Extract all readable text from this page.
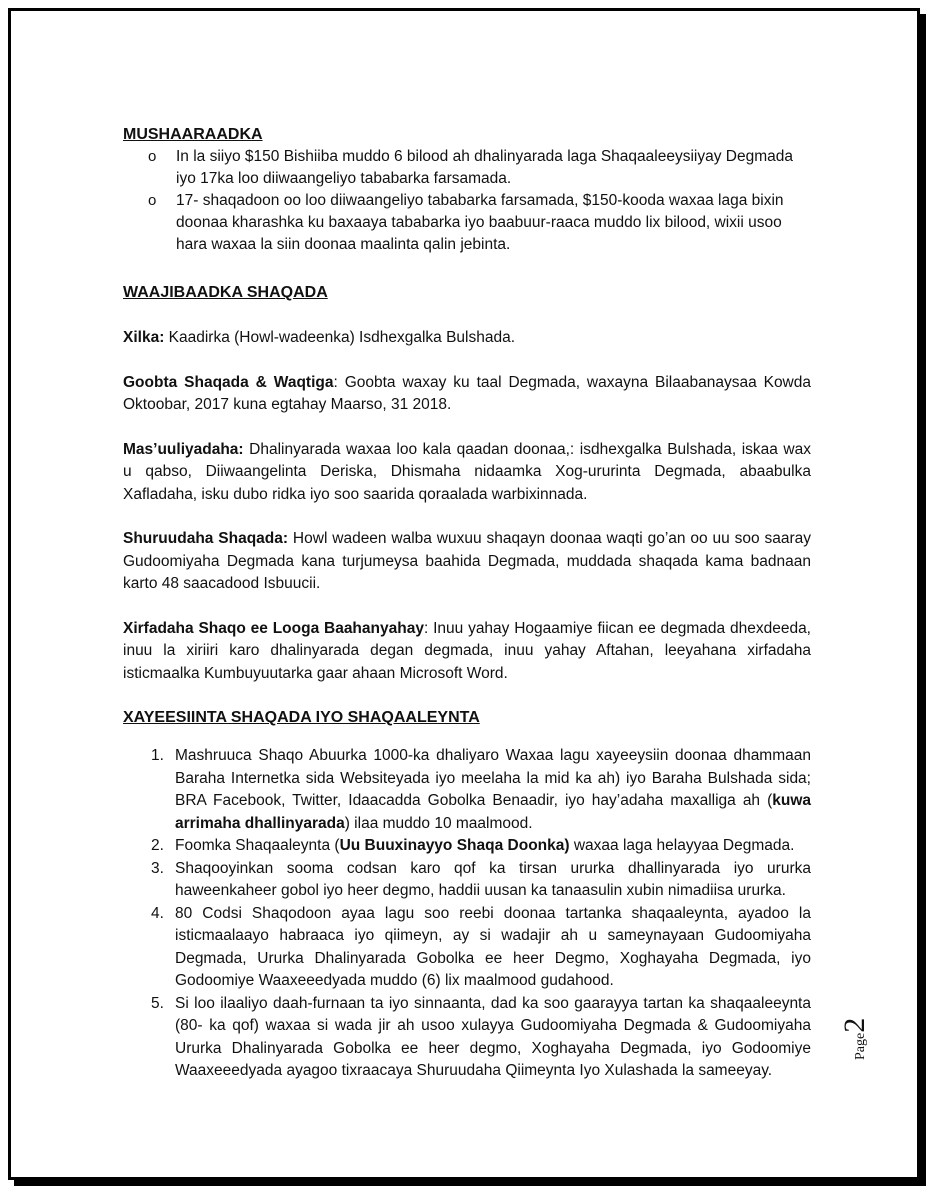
MUSHAARAADKA
o In la siiyo $150 Bishiiba muddo 6 bilood ah dhalinyarada laga Shaqaaleeysiiyay Degmada iyo 17ka loo diiwaangeliyo tababarka farsamada.
o 17- shaqadoon oo loo diiwaangeliyo tababarka farsamada, $150-kooda waxaa laga bixin doonaa kharashka ku baxaaya tababarka iyo baabuur-raaca muddo lix bilood, wixii usoo hara waxaa la siin doonaa maalinta qalin jebinta.
WAAJIBAADKA SHAQADA

Xilka: Kaadirka (Howl-wadeenka) Isdhexgalka Bulshada.

Goobta Shaqada & Waqtiga: Goobta waxay ku taal Degmada, waxayna Bilaabanaysaa Kowda Oktoobar, 2017 kuna egtahay Maarso, 31 2018.

Mas’uuliyadaha: Dhalinyarada waxaa loo kala qaadan doonaa,: isdhexgalka Bulshada, iskaa wax u qabso, Diiwaangelinta Deriska, Dhismaha nidaamka Xog-ururinta Degmada, abaabulka Xafladaha, isku dubo ridka iyo soo saarida qoraalada warbixinnada.

Shuruudaha Shaqada: Howl wadeen walba wuxuu shaqayn doonaa waqti go’an oo uu soo saaray Gudoomiyaha Degmada kana turjumeysa baahida Degmada, muddada shaqada kama badnaan karto 48 saacadood Isbuucii.

Xirfadaha Shaqo ee Looga Baahanyahay: Inuu yahay Hogaamiye fiican ee degmada dhexdeeda, inuu la xiriiri karo dhalinyarada degan degmada, inuu yahay Aftahan, leeyahana xirfadaha isticmaalka Kumbuyuutarka gaar ahaan Microsoft Word.

XAYEESIINTA SHAQADA IYO SHAQAALEYNTA
1. Mashruuca Shaqo Abuurka 1000-ka dhaliyaro Waxaa lagu xayeeysiin doonaa dhammaan Baraha Internetka sida Websiteyada iyo meelaha la mid ka ah) iyo Baraha Bulshada sida; BRA Facebook, Twitter, Idaacadda Gobolka Benaadir, iyo hay’adaha maxalliga ah (kuwa arrimaha dhallinyarada) ilaa muddo 10 maalmood.
2. Foomka Shaqaaleynta (Uu Buuxinayyo Shaqa Doonka) waxaa laga helayyaa Degmada.
3. Shaqooyinkan sooma codsan karo qof ka tirsan ururka dhallinyarada iyo ururka haweenkaheer gobol iyo heer degmo, haddii uusan ka tanaasulin xubin nimadiisa ururka.
4. 80 Codsi Shaqodoon ayaa lagu soo reebi doonaa tartanka shaqaaleynta, ayadoo la isticmaalaayo habraaca iyo qiimeyn, ay si wadajir ah u sameynayaan Gudoomiyaha Degmada, Ururka Dhalinyarada Gobolka ee heer Degmo, Xoghayaha Degmada, iyo Godoomiye Waaxeeedyada muddo (6) lix maalmood gudahood.
5. Si loo ilaaliyo daah-furnaan ta iyo sinnaanta, dad ka soo gaarayya tartan ka shaqaaleeynta (80- ka qof) waxaa si wada jir ah usoo xulayya Gudoomiyaha Degmada & Gudoomiyaha Ururka Dhalinyarada Gobolka ee heer degmo, Xoghayaha Degmada, iyo Godoomiye Waaxeeedyada ayagoo tixraacaya Shuruudaha Qiimeynta Iyo Xulashada la sameeyay.
Page2
